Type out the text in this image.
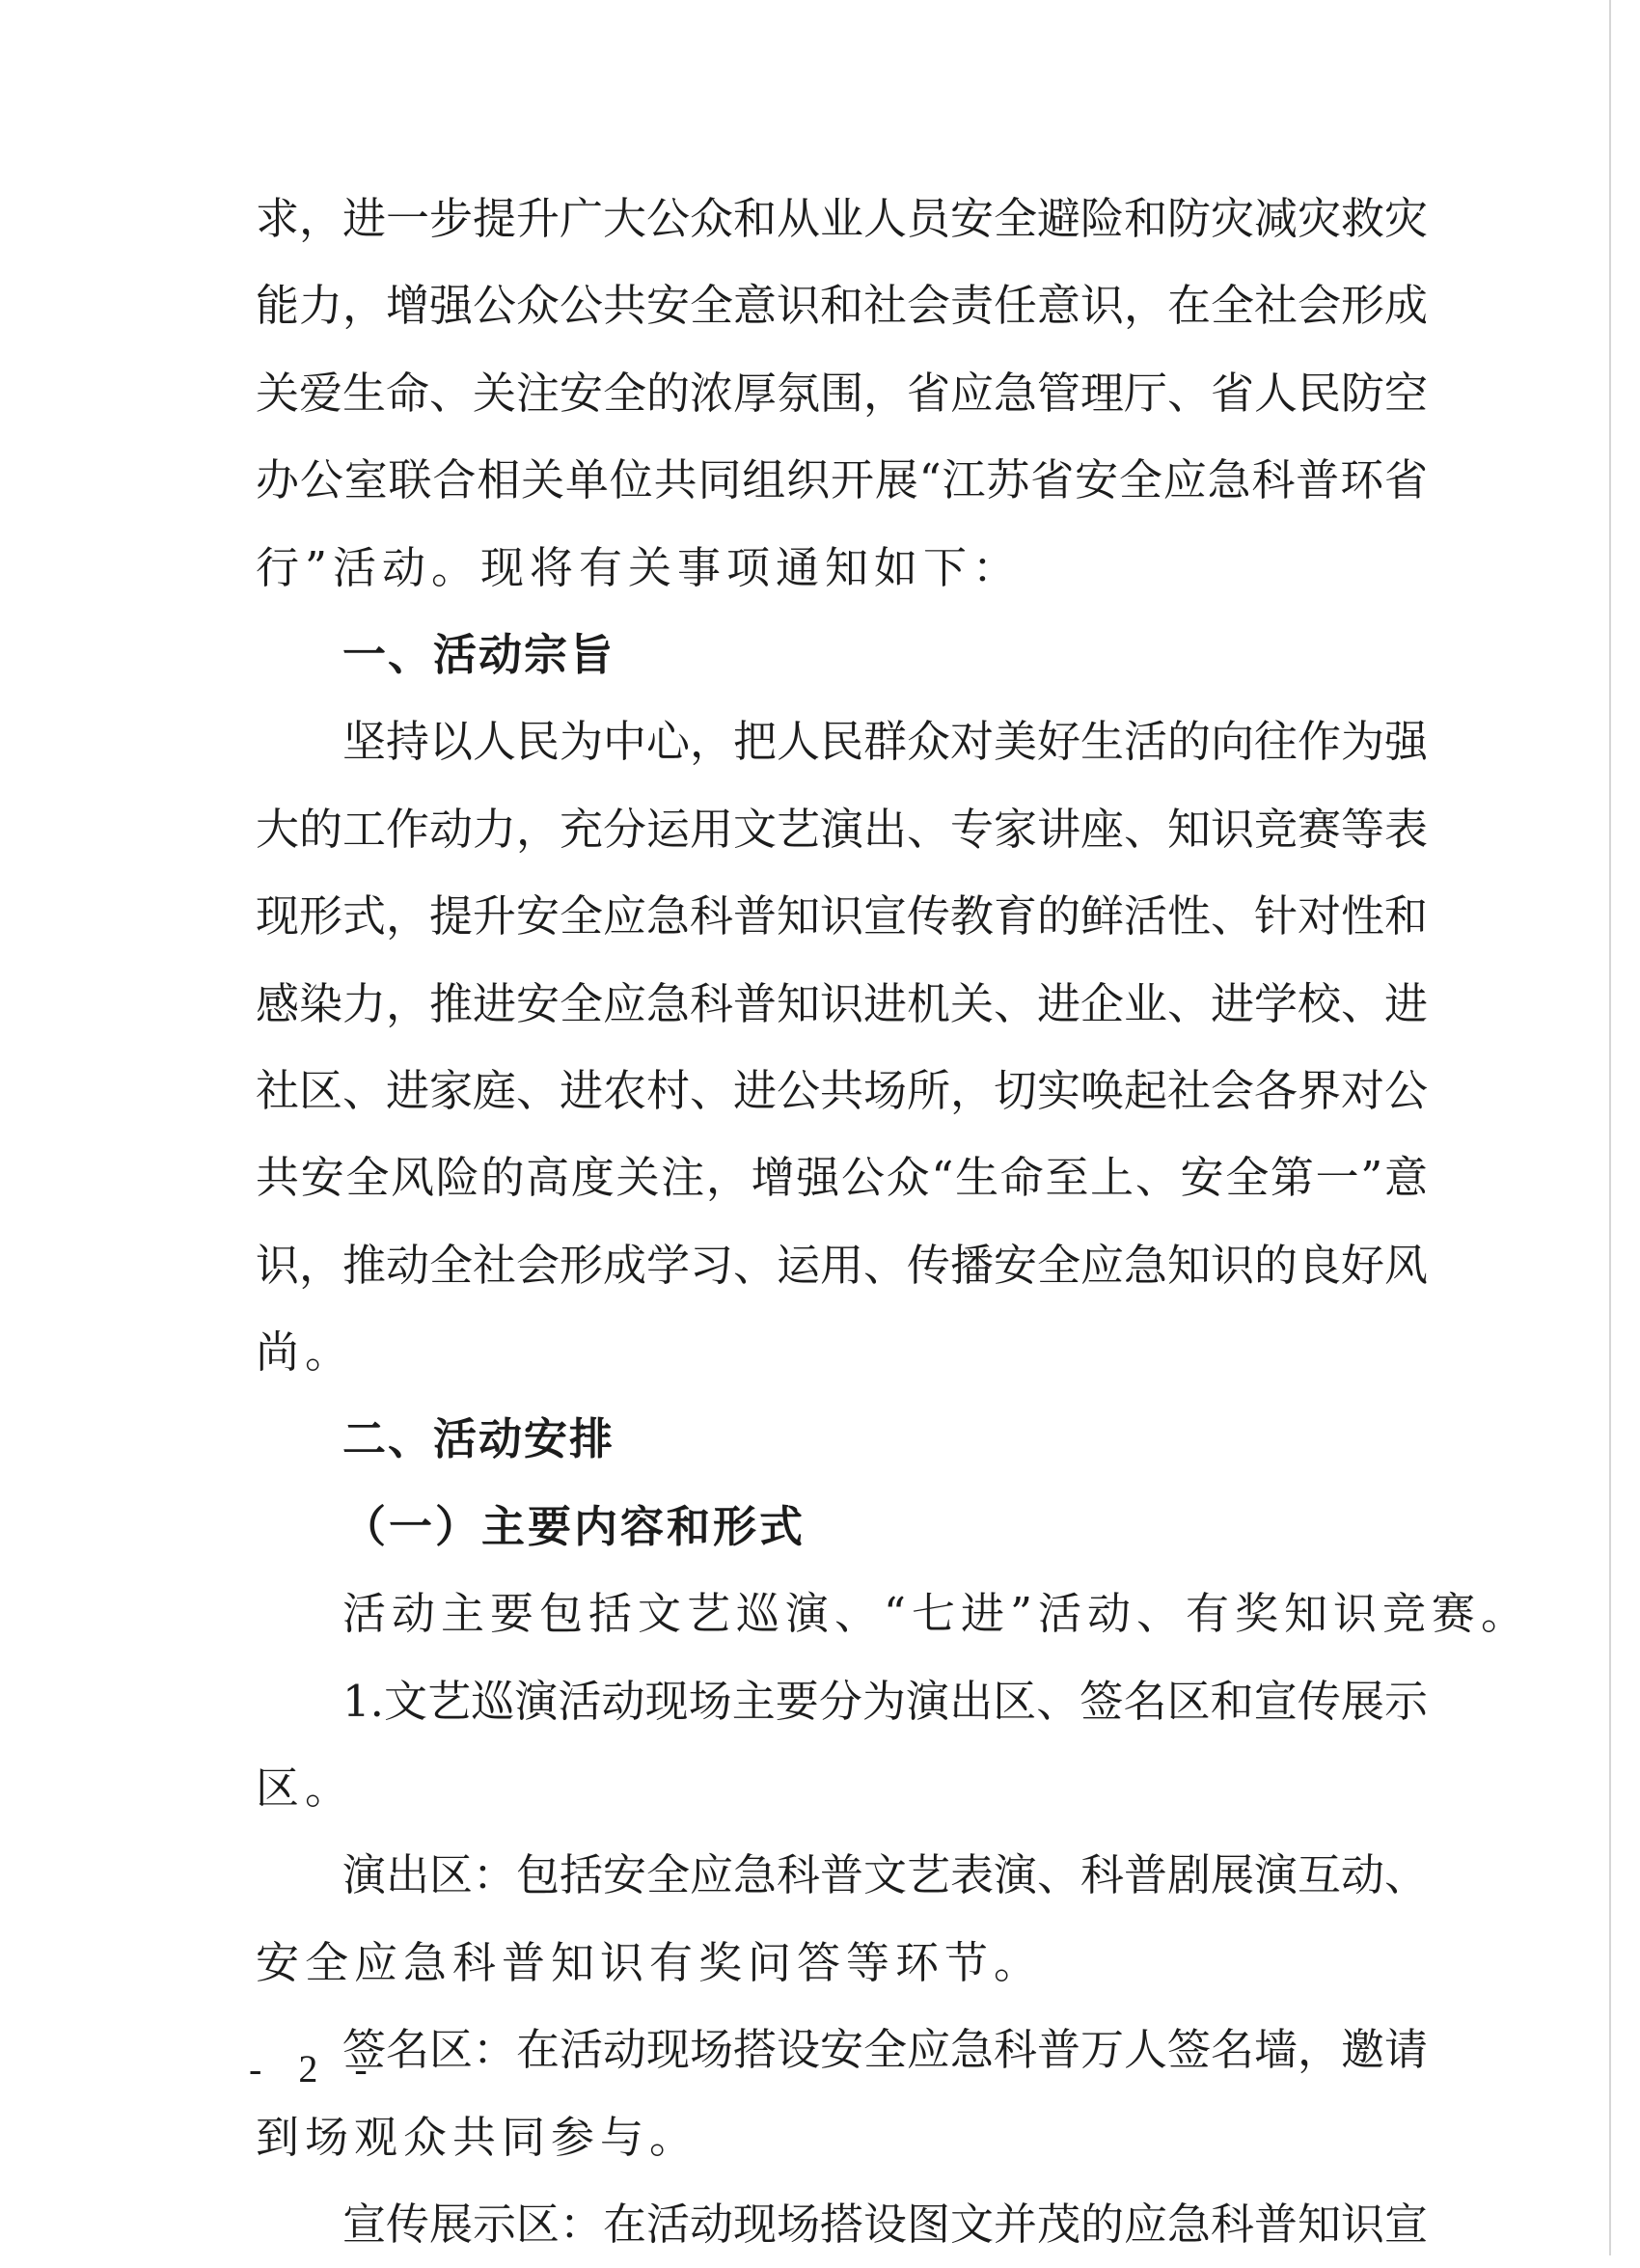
求，进一步提升广大公众和从业人员安全避险和防灾减灾救灾

能力，增强公众公共安全意识和社会责任意识，在全社会形成

关爱生命、关注安全的浓厚氛围，省应急管理厅、省人民防空

办公室联合相关单位共同组织开展“江苏省安全应急科普环省

行”活动。现将有关事项通知如下：

一、活动宗旨

坚持以人民为中心，把人民群众对美好生活的向往作为强

大的工作动力，充分运用文艺演出、专家讲座、知识竞赛等表

现形式，提升安全应急科普知识宣传教育的鲜活性、针对性和

感染力，推进安全应急科普知识进机关、进企业、进学校、进

社区、进家庭、进农村、进公共场所，切实唤起社会各界对公

共安全风险的高度关注，增强公众“生命至上、安全第一”意

识，推动全社会形成学习、运用、传播安全应急知识的良好风

尚。

二、活动安排

（一）主要内容和形式

活动主要包括文艺巡演、“七进”活动、有奖知识竞赛。

1.文艺巡演活动现场主要分为演出区、签名区和宣传展示

区。

演出区：包括安全应急科普文艺表演、科普剧展演互动、

安全应急科普知识有奖问答等环节。

签名区：在活动现场搭设安全应急科普万人签名墙，邀请

到场观众共同参与。

宣传展示区：在活动现场搭设图文并茂的应急科普知识宣

- 2 -
